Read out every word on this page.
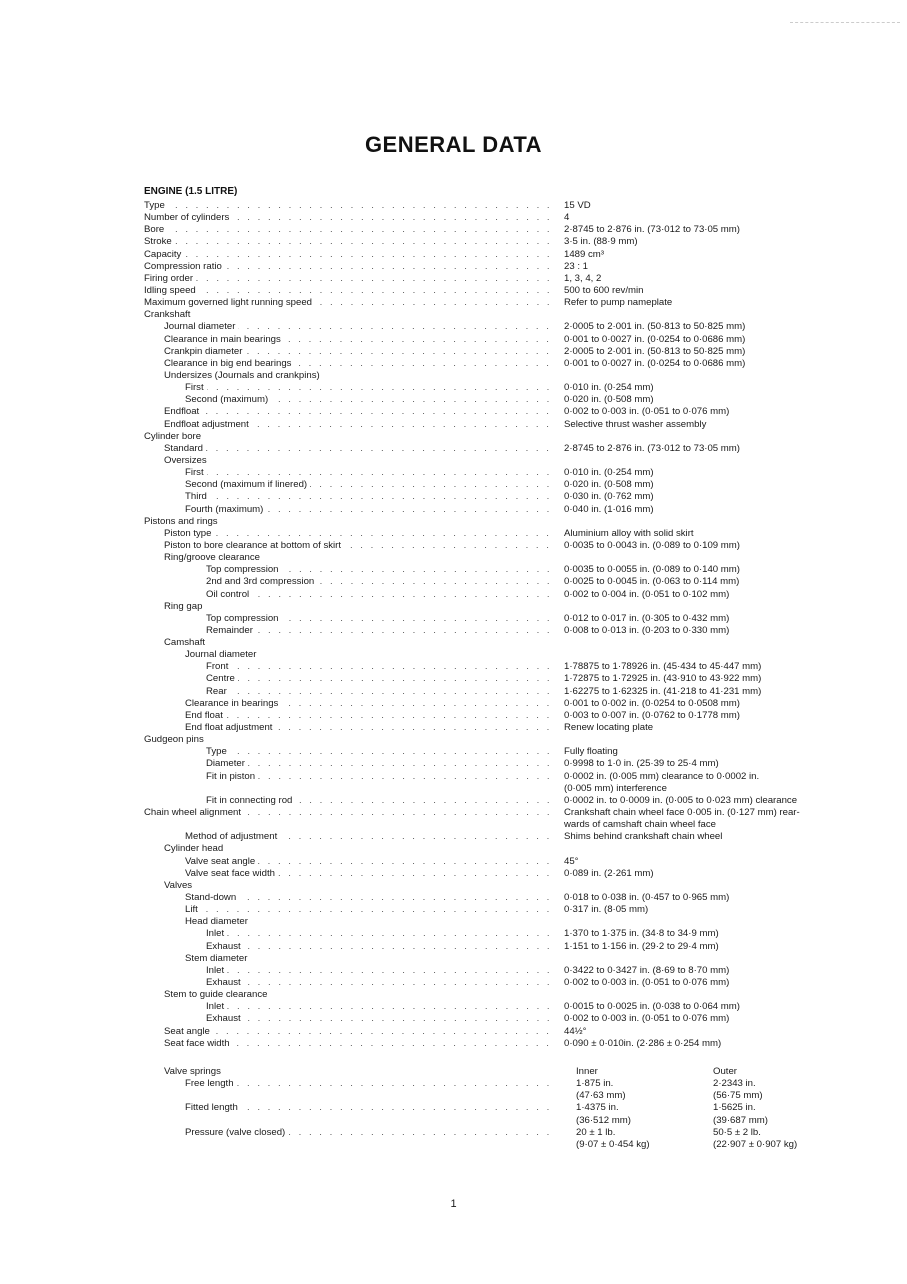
GENERAL DATA
ENGINE (1.5 LITRE)
Type . . .	15 VD
Number of cylinders . . .	4
Bore . . .	2·8745 to 2·876 in. (73·012 to 73·05 mm)
Stroke . . .	3·5 in. (88·9 mm)
Capacity . . .	1489 cm³
Compression ratio . . .	23 : 1
Firing order . . .	1, 3, 4, 2
Idling speed . . .	500 to 600 rev/min
Maximum governed light running speed . . .	Refer to pump nameplate
Crankshaft
Journal diameter . . .	2·0005 to 2·001 in. (50·813 to 50·825 mm)
Clearance in main bearings . . .	0·001 to 0·0027 in. (0·0254 to 0·0686 mm)
Crankpin diameter . . .	2·0005 to 2·001 in. (50·813 to 50·825 mm)
Clearance in big end bearings . . .	0·001 to 0·0027 in. (0·0254 to 0·0686 mm)
Undersizes (Journals and crankpins)
First . . .	0·010 in. (0·254 mm)
Second (maximum) . . .	0·020 in. (0·508 mm)
Endfloat . . .	0·002 to 0·003 in. (0·051 to 0·076 mm)
Endfloat adjustment . . .	Selective thrust washer assembly
Cylinder bore
Standard . . .	2·8745 to 2·876 in. (73·012 to 73·05 mm)
Oversizes
First . . .	0·010 in. (0·254 mm)
Second (maximum if linered) . . .	0·020 in. (0·508 mm)
Third . . .	0·030 in. (0·762 mm)
Fourth (maximum) . . .	0·040 in. (1·016 mm)
Pistons and rings
Piston type . . .	Aluminium alloy with solid skirt
Piston to bore clearance at bottom of skirt . . .	0·0035 to 0·0043 in. (0·089 to 0·109 mm)
Ring/groove clearance
Top compression . . .	0·0035 to 0·0055 in. (0·089 to 0·140 mm)
2nd and 3rd compression . . .	0·0025 to 0·0045 in. (0·063 to 0·114 mm)
Oil control . . .	0·002 to 0·004 in. (0·051 to 0·102 mm)
Ring gap
Top compression . . .	0·012 to 0·017 in. (0·305 to 0·432 mm)
Remainder . . .	0·008 to 0·013 in. (0·203 to 0·330 mm)
Camshaft
Journal diameter
Front . . .	1·78875 to 1·78926 in. (45·434 to 45·447 mm)
Centre . . .	1·72875 to 1·72925 in. (43·910 to 43·922 mm)
Rear . . .	1·62275 to 1·62325 in. (41·218 to 41·231 mm)
Clearance in bearings . . .	0·001 to 0·002 in. (0·0254 to 0·0508 mm)
End float . . .	0·003 to 0·007 in. (0·0762 to 0·1778 mm)
End float adjustment . . .	Renew locating plate
Gudgeon pins
Type . . .	Fully floating
Diameter . . .	0·9998 to 1·0 in. (25·39 to 25·4 mm)
Fit in piston . . .	0·0002 in. (0·005 mm) clearance to 0·0002 in.
(0·005 mm) interference
Fit in connecting rod . . .	0·0002 in. to 0·0009 in. (0·005 to 0·023 mm) clearance
Chain wheel alignment . . .	Crankshaft chain wheel face 0·005 in. (0·127 mm) rear-
wards of camshaft chain wheel face
Method of adjustment . . .	Shims behind crankshaft chain wheel
Cylinder head
Valve seat angle . . .	45°
Valve seat face width . . .	0·089 in. (2·261 mm)
Valves
Stand-down . . .	0·018 to 0·038 in. (0·457 to 0·965 mm)
Lift . . .	0·317 in. (8·05 mm)
Head diameter
Inlet . . .	1·370 to 1·375 in. (34·8 to 34·9 mm)
Exhaust . . .	1·151 to 1·156 in. (29·2 to 29·4 mm)
Stem diameter
Inlet . . .	0·3422 to 0·3427 in. (8·69 to 8·70 mm)
Exhaust . . .	0·002 to 0·003 in. (0·051 to 0·076 mm)
Stem to guide clearance
Inlet . . .	0·0015 to 0·0025 in. (0·038 to 0·064 mm)
Exhaust . . .	0·002 to 0·003 in. (0·051 to 0·076 mm)
Seat angle . . .	44½°
Seat face width . . .	0·090 ± 0·010in. (2·286 ± 0·254 mm)
Valve springs	Inner	Outer
Free length . . .	1·875 in.	2·2343 in.
(47·63 mm)	(56·75 mm)
Fitted length . . .	1·4375 in.	1·5625 in.
(36·512 mm)	(39·687 mm)
Pressure (valve closed) . . .	20 ± 1 lb.	50·5 ± 2 lb.
(9·07 ± 0·454 kg)	(22·907 ± 0·907 kg)
1
